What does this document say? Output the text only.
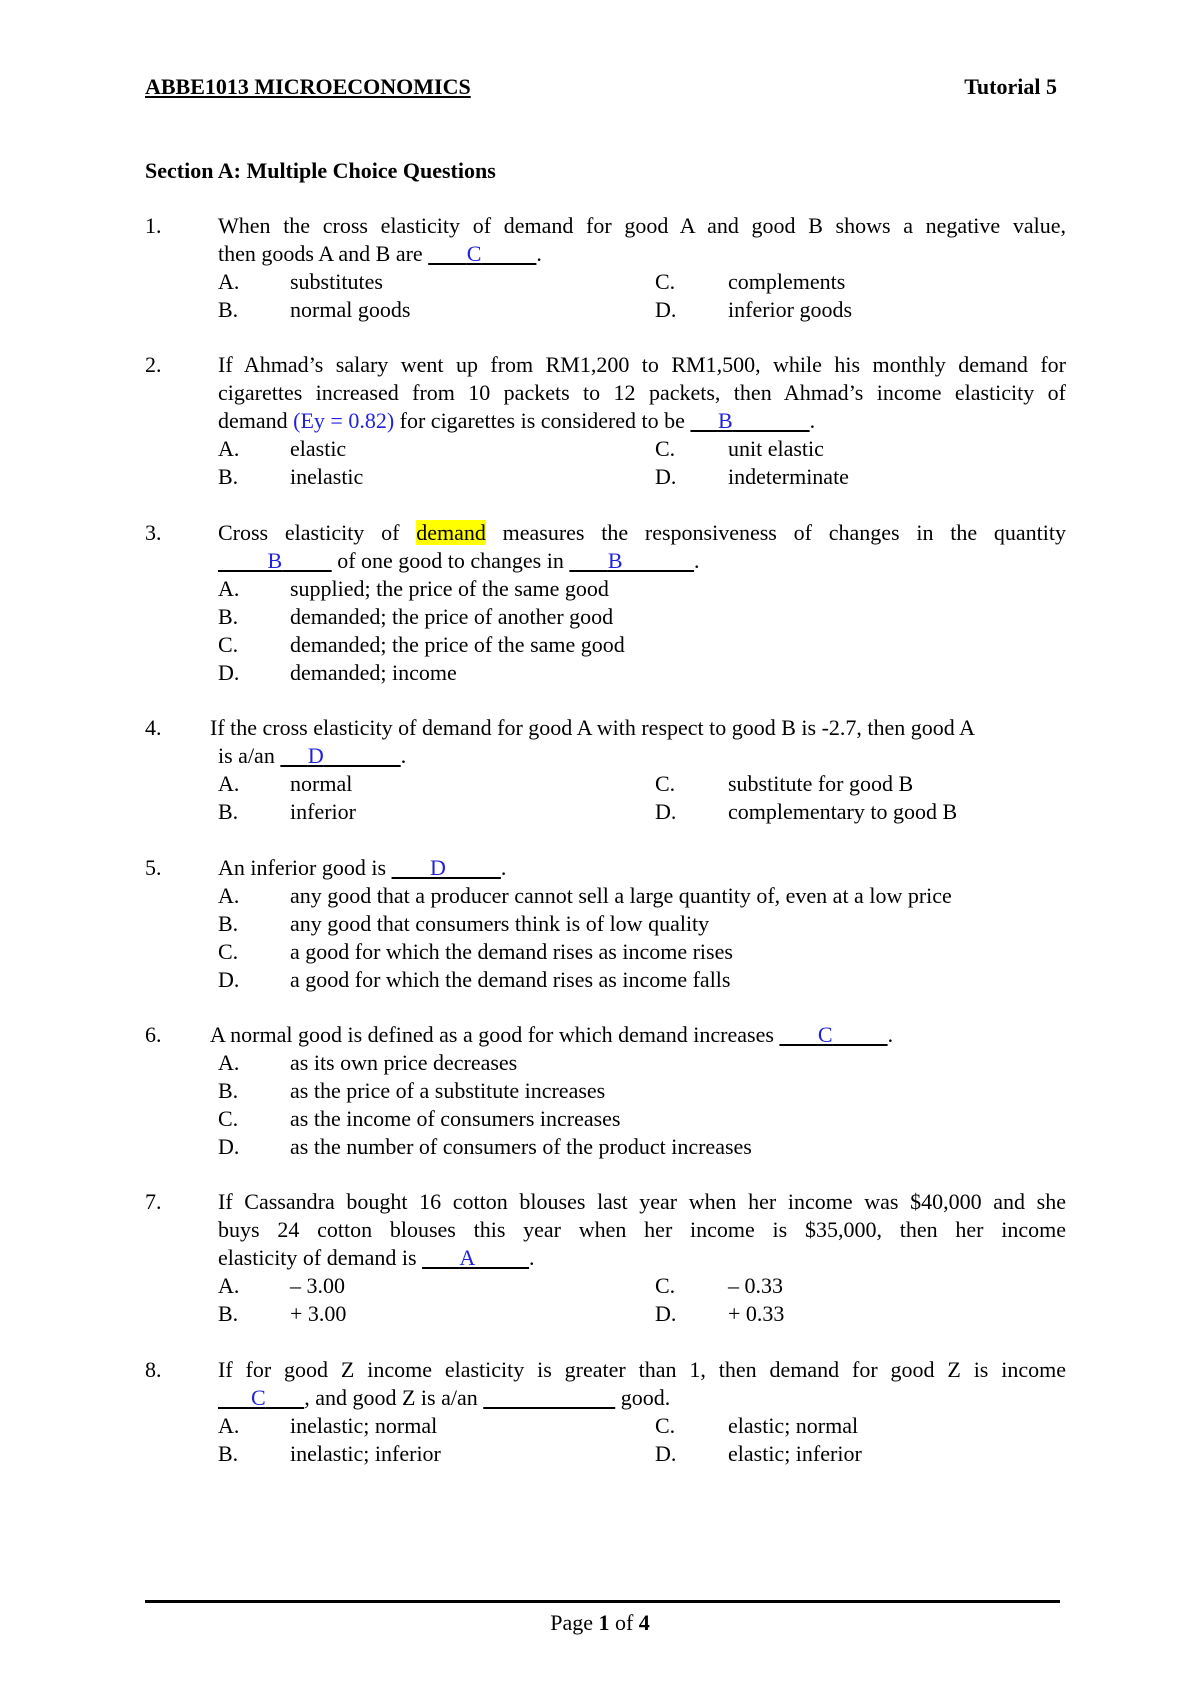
ABBE1013 MICROECONOMICS	Tutorial 5
Section A: Multiple Choice Questions
1.	When the cross elasticity of demand for good A and good B shows a negative value,
then goods A and B are        C	.
A. substitutes
B. normal goods
C. complements
D. inferior goods
2.	If Ahmad’s salary went up from RM1,200 to RM1,500, while his monthly demand for
cigarettes increased from 10 packets to 12 packets, then Ahmad’s income elasticity of
demand (Ey = 0.82) for cigarettes is considered to be      B	.
A. elastic
B. inelastic
C. unit elastic
D. indeterminate
3.	Cross elasticity of demand measures the responsiveness of changes in the quantity
B          of one good to changes in        B	.
A. supplied; the price of the same good
B. demanded; the price of another good
C. demanded; the price of the same good
D. demanded; income
4. If the cross elasticity of demand for good A with respect to good B is -2.7, then good A
is a/an      D	.
A. normal
B. inferior
C. substitute for good B
D. complementary to good B
5.	An inferior good is        D	.
A. any good that a producer cannot sell a large quantity of, even at a low price
B. any good that consumers think is of low quality
C. a good for which the demand rises as income rises
D. a good for which the demand rises as income falls
6. A normal good is defined as a good for which demand increases        C	.
A. as its own price decreases
B. as the price of a substitute increases
C. as the income of consumers increases
D. as the number of consumers of the product increases
7.	If Cassandra bought 16 cotton blouses last year when her income was $40,000 and she
buys 24 cotton blouses this year when her income is $35,000, then her income
elasticity of demand is        A	.
A. – 3.00
B. + 3.00
C. – 0.33
D. + 0.33
8.	If for good Z income elasticity is greater than 1, then demand for good Z is income
C , and good Z is a/an	good.
A. inelastic; normal
B. inelastic; inferior
C. elastic; normal
D. elastic; inferior
Page 1 of 4
